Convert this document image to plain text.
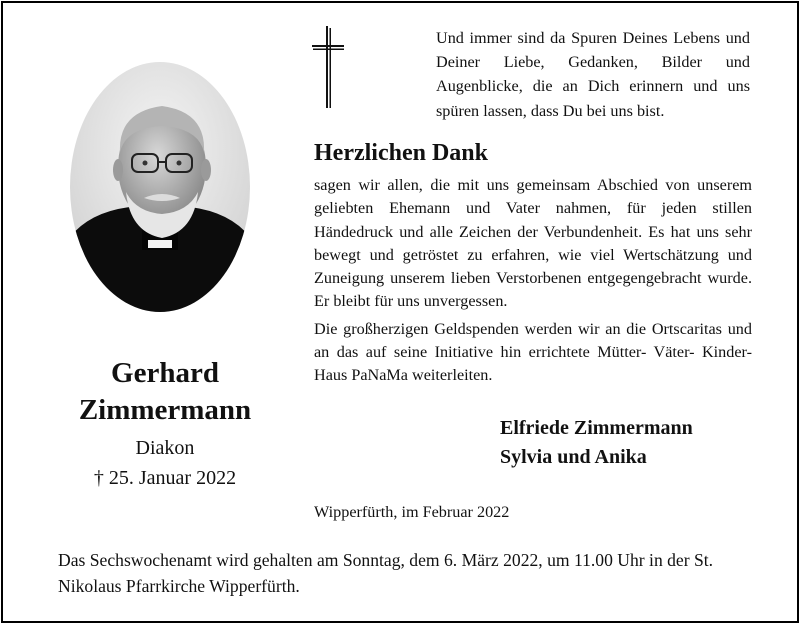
Und immer sind da Spuren Deines Lebens und Deiner Liebe, Gedanken, Bilder und Augenblicke, die an Dich erinnern und uns spüren lassen, dass Du bei uns bist.
Gerhard
Zimmermann
Diakon
† 25. Januar 2022
Herzlichen Dank

sagen wir allen, die mit uns gemeinsam Abschied von unserem geliebten Ehemann und Vater nahmen, für jeden stillen Händedruck und alle Zeichen der Verbundenheit. Es hat uns sehr bewegt und getröstet zu erfahren, wie viel Wertschätzung und Zuneigung unserem lieben Verstorbenen entgegengebracht wurde. Er bleibt für uns unvergessen.

Die großherzigen Geldspenden werden wir an die Ortscaritas und an das auf seine Initiative hin errichtete Mütter- Väter- Kinder- Haus PaNaMa weiterleiten.

Elfriede Zimmermann
Sylvia und Anika
Wipperfürth, im Februar 2022
Das Sechswochenamt wird gehalten am Sonntag, dem 6. März 2022, um 11.00 Uhr in der St. Nikolaus Pfarrkirche Wipperfürth.
